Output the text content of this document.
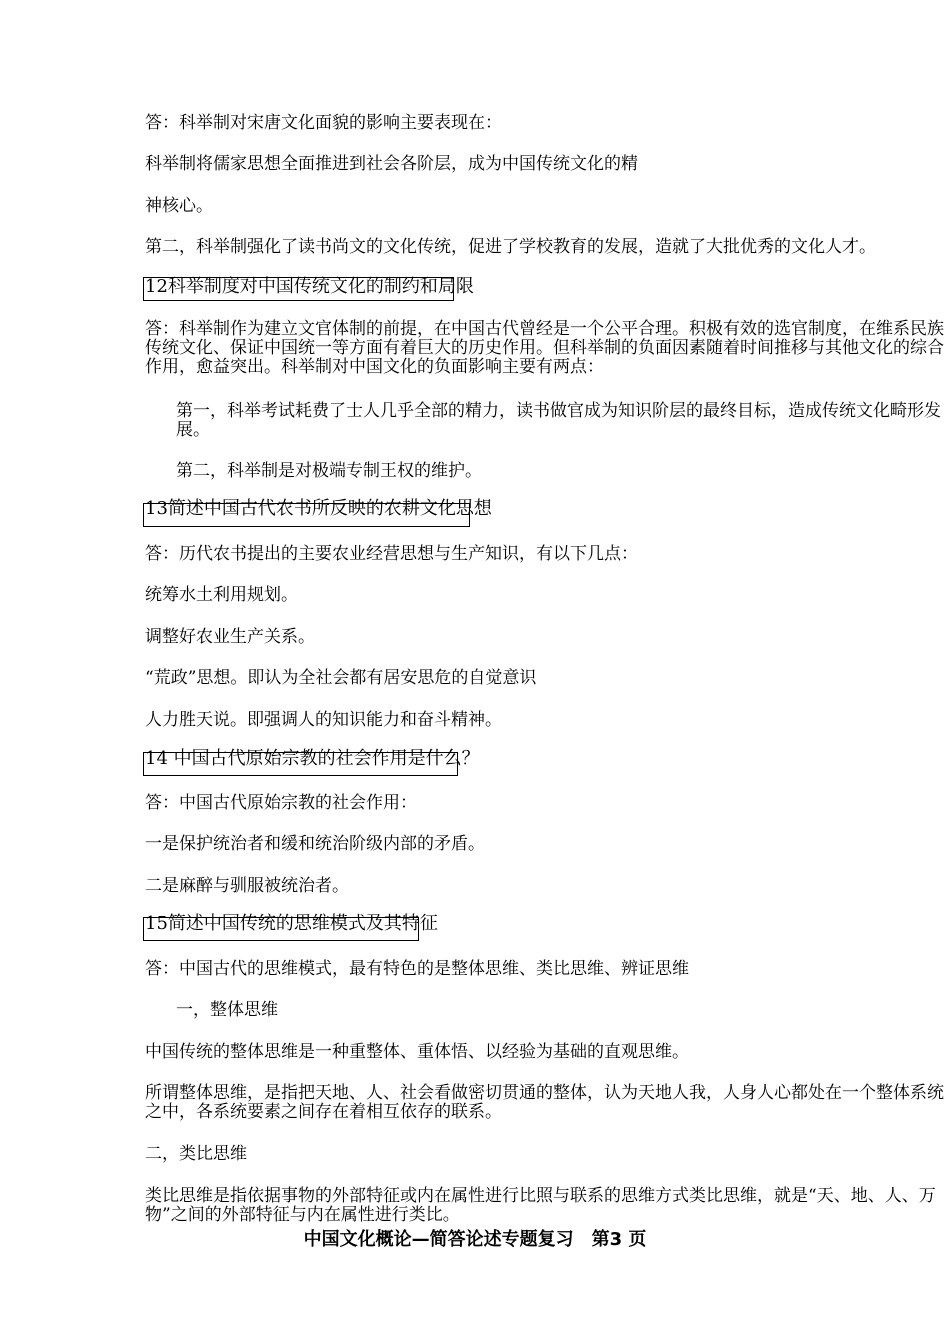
答：科举制对宋唐文化面貌的影响主要表现在：
科举制将儒家思想全面推进到社会各阶层，成为中国传统文化的精
神核心。
第二，科举制强化了读书尚文的文化传统，促进了学校教育的发展，造就了大批优秀的文化人才。
12科举制度对中国传统文化的制约和局限
答：科举制作为建立文官体制的前提，在中国古代曾经是一个公平合理。积极有效的选官制度，在维系民族传统文化、保证中国统一等方面有着巨大的历史作用。但科举制的负面因素随着时间推移与其他文化的综合作用，愈益突出。科举制对中国文化的负面影响主要有两点：
第一，科举考试耗费了士人几乎全部的精力，读书做官成为知识阶层的最终目标，造成传统文化畸形发展。
第二，科举制是对极端专制王权的维护。
13简述中国古代农书所反映的农耕文化思想
答：历代农书提出的主要农业经营思想与生产知识，有以下几点：
统筹水土利用规划。
调整好农业生产关系。
“荒政”思想。即认为全社会都有居安思危的自觉意识
人力胜天说。即强调人的知识能力和奋斗精神。
14 中国古代原始宗教的社会作用是什么？
答：中国古代原始宗教的社会作用：
一是保护统治者和缓和统治阶级内部的矛盾。
二是麻醉与驯服被统治者。
15简述中国传统的思维模式及其特征
答：中国古代的思维模式，最有特色的是整体思维、类比思维、辨证思维
一，整体思维
中国传统的整体思维是一种重整体、重体悟、以经验为基础的直观思维。
所谓整体思维，是指把天地、人、社会看做密切贯通的整体，认为天地人我，人身人心都处在一个整体系统之中，各系统要素之间存在着相互依存的联系。
二，类比思维
类比思维是指依据事物的外部特征或内在属性进行比照与联系的思维方式类比思维，就是“天、地、人、万物”之间的外部特征与内在属性进行类比。
中国文化概论—简答论述专题复习　第3 页
